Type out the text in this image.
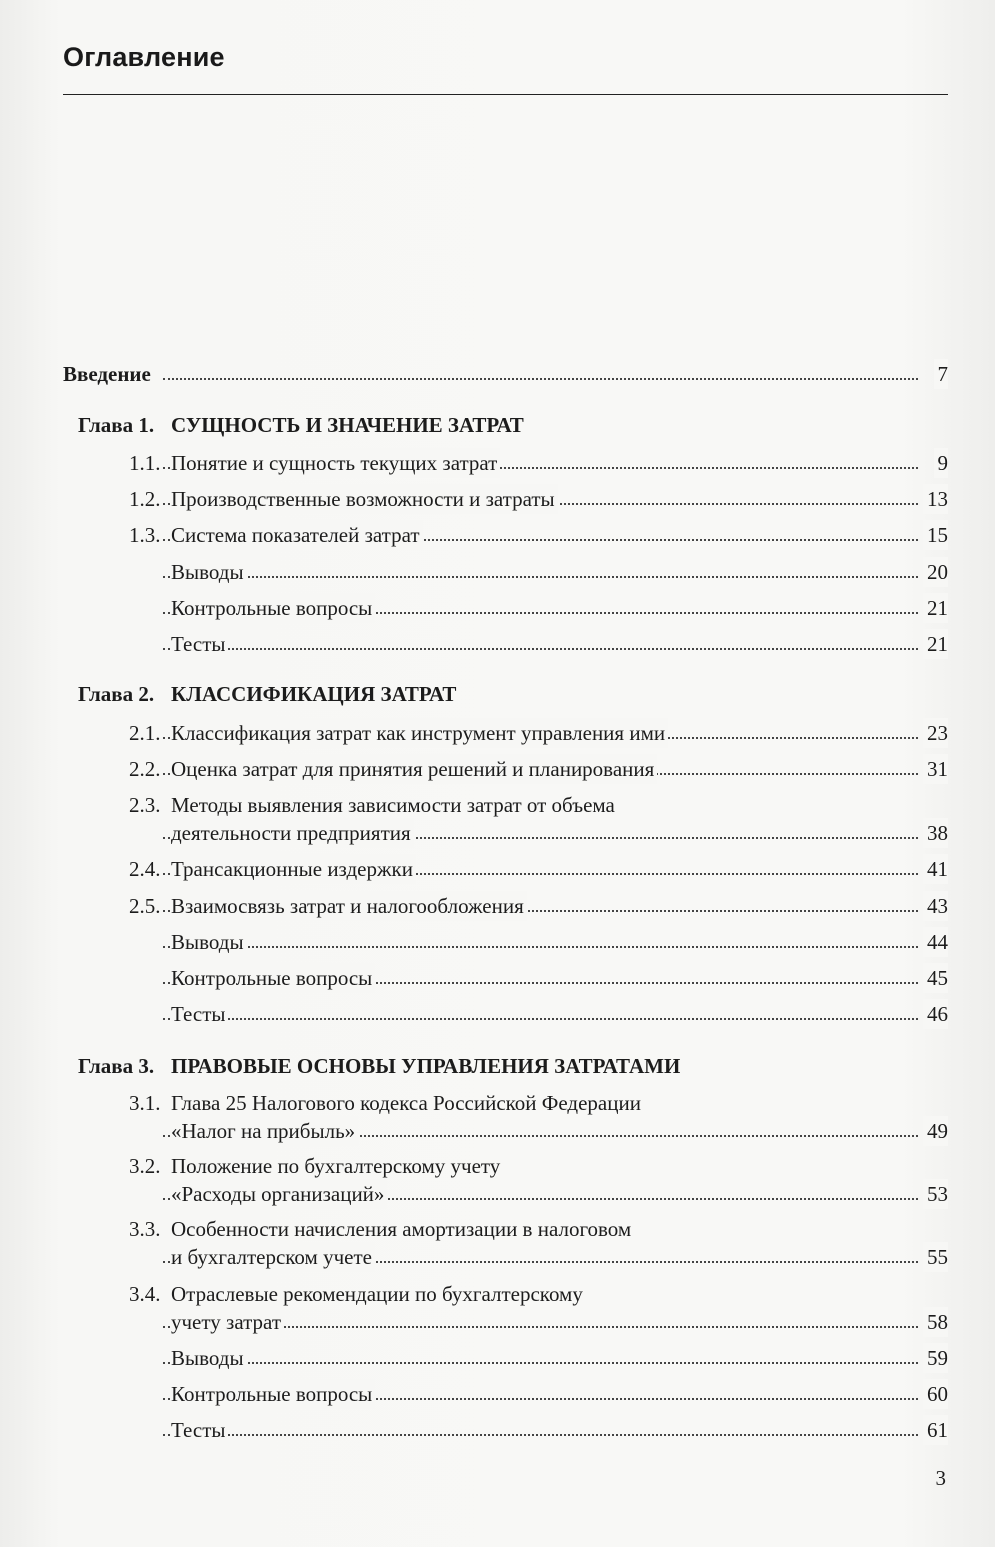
Оглавление
Введение	7
Глава 1. СУЩНОСТЬ И ЗНАЧЕНИЕ ЗАТРАТ
1.1. Понятие и сущность текущих затрат	9
1.2. Производственные возможности и затраты	13
1.3. Система показателей затрат	15
Выводы	20
Контрольные вопросы	21
Тесты	21
Глава 2. КЛАССИФИКАЦИЯ ЗАТРАТ
2.1. Классификация затрат как инструмент управления ими	23
2.2. Оценка затрат для принятия решений и планирования	31
2.3. Методы выявления зависимости затрат от объема
деятельности предприятия	38
2.4. Трансакционные издержки	41
2.5. Взаимосвязь затрат и налогообложения	43
Выводы	44
Контрольные вопросы	45
Тесты	46
Глава 3. ПРАВОВЫЕ ОСНОВЫ УПРАВЛЕНИЯ ЗАТРАТАМИ
3.1. Глава 25 Налогового кодекса Российской Федерации
«Налог на прибыль»	49
3.2. Положение по бухгалтерскому учету
«Расходы организаций»	53
3.3. Особенности начисления амортизации в налоговом
и бухгалтерском учете	55
3.4. Отраслевые рекомендации по бухгалтерскому
учету затрат	58
Выводы	59
Контрольные вопросы	60
Тесты	61
3
